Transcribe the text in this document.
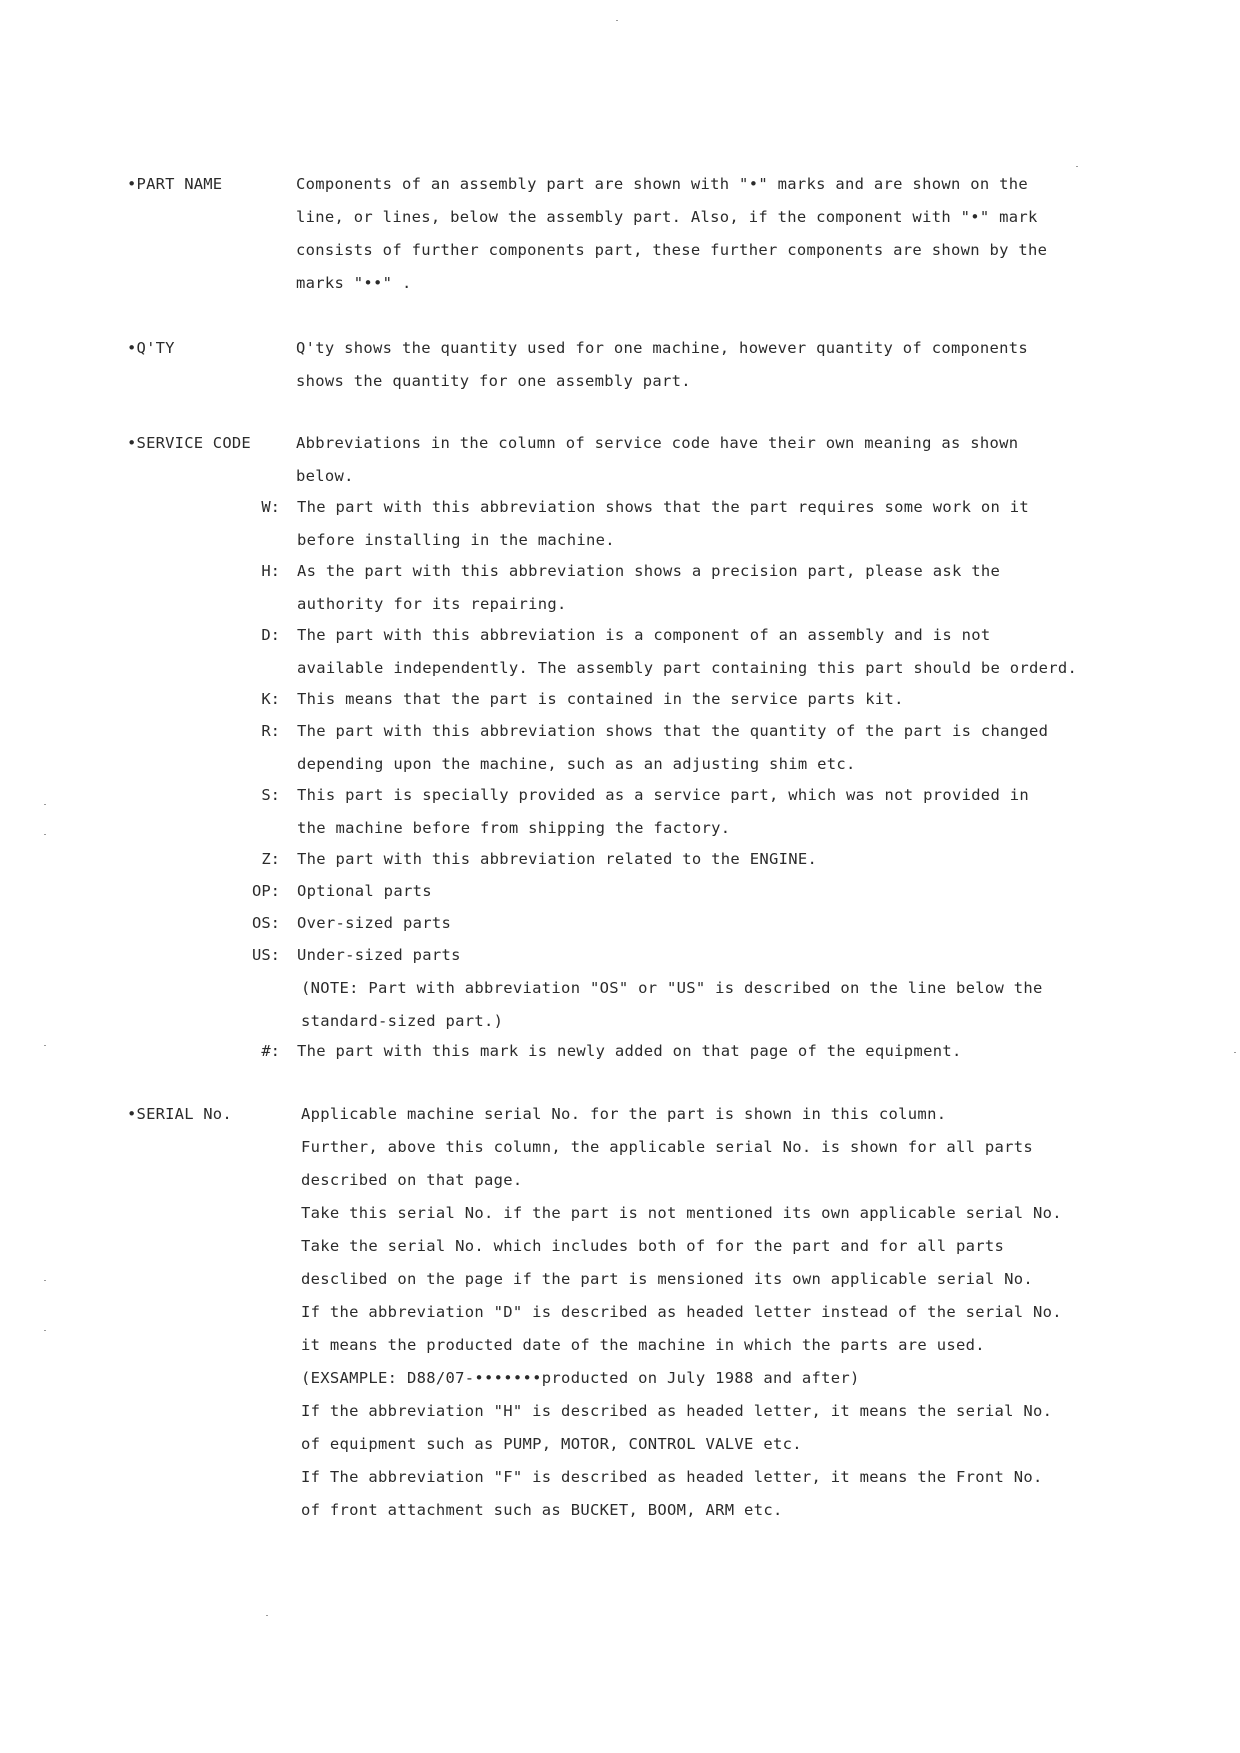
•PART NAME	Components of an assembly part are shown with "•" marks and are shown on the
line, or lines, below the assembly part. Also, if the component with "•" mark
consists of further components part, these further components are shown by the
marks "••" .
•Q'TY	Q'ty shows the quantity used for one machine, however quantity of components
shows the quantity for one assembly part.
•SERVICE CODE	Abbreviations in the column of service code have their own meaning as shown
below.
W: The part with this abbreviation shows that the part requires some work on it
before installing in the machine.
H: As the part with this abbreviation shows a precision part, please ask the
authority for its repairing.
D: The part with this abbreviation is a component of an assembly and is not
available independently. The assembly part containing this part should be orderd.
K: This means that the part is contained in the service parts kit.
R: The part with this abbreviation shows that the quantity of the part is changed
depending upon the machine, such as an adjusting shim etc.
S: This part is specially provided as a service part, which was not provided in
the machine before from shipping the factory.
Z: The part with this abbreviation related to the ENGINE.
OP: Optional parts
OS: Over-sized parts
US: Under-sized parts
(NOTE: Part with abbreviation "OS" or "US" is described on the line below the
standard-sized part.)
#: The part with this mark is newly added on that page of the equipment.
•SERIAL No.	Applicable machine serial No. for the part is shown in this column.
Further, above this column, the applicable serial No. is shown for all parts
described on that page.
Take this serial No. if the part is not mentioned its own applicable serial No.
Take the serial No. which includes both of for the part and for all parts
desclibed on the page if the part is mensioned its own applicable serial No.
If the abbreviation "D" is described as headed letter instead of the serial No.
it means the producted date of the machine in which the parts are used.
(EXSAMPLE: D88/07-•••••••producted on July 1988 and after)
If the abbreviation "H" is described as headed letter, it means the serial No.
of equipment such as PUMP, MOTOR, CONTROL VALVE etc.
If The abbreviation "F" is described as headed letter, it means the Front No.
of front attachment such as BUCKET, BOOM, ARM etc.
